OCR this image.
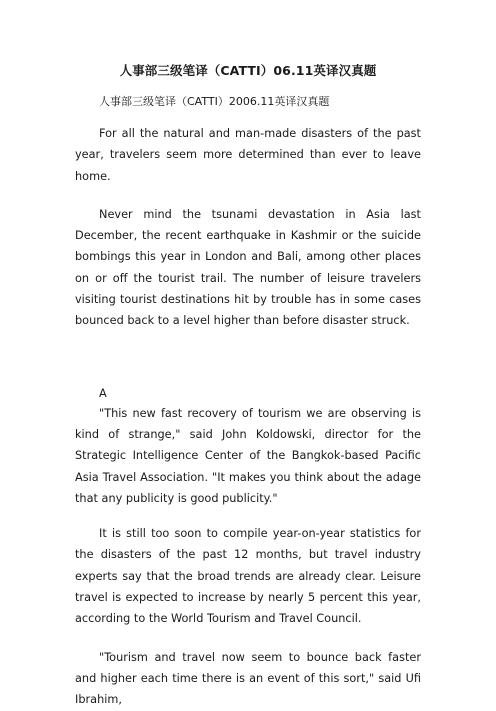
人事部三级笔译（CATTI）06.11英译汉真题

人事部三级笔译（CATTI）2006.11英译汉真题

For all the natural and man-made disasters of the past year, travelers seem more determined than ever to leave home.

Never mind the tsunami devastation in Asia last December, the recent earthquake in Kashmir or the suicide bombings this year in London and Bali, among other places on or off the tourist trail. The number of leisure travelers visiting tourist destinations hit by trouble has in some cases bounced back to a level higher than before disaster struck.

A

"This new fast recovery of tourism we are observing is kind of strange," said John Koldowski, director for the Strategic Intelligence Center of the Bangkok-based Pacific Asia Travel Association. "It makes you think about the adage that any publicity is good publicity."

It is still too soon to compile year-on-year statistics for the disasters of the past 12 months, but travel industry experts say that the broad trends are already clear. Leisure travel is expected to increase by nearly 5 percent this year, according to the World Tourism and Travel Council.

"Tourism and travel now seem to bounce back faster and higher each time there is an event of this sort," said Ufi Ibrahim,
